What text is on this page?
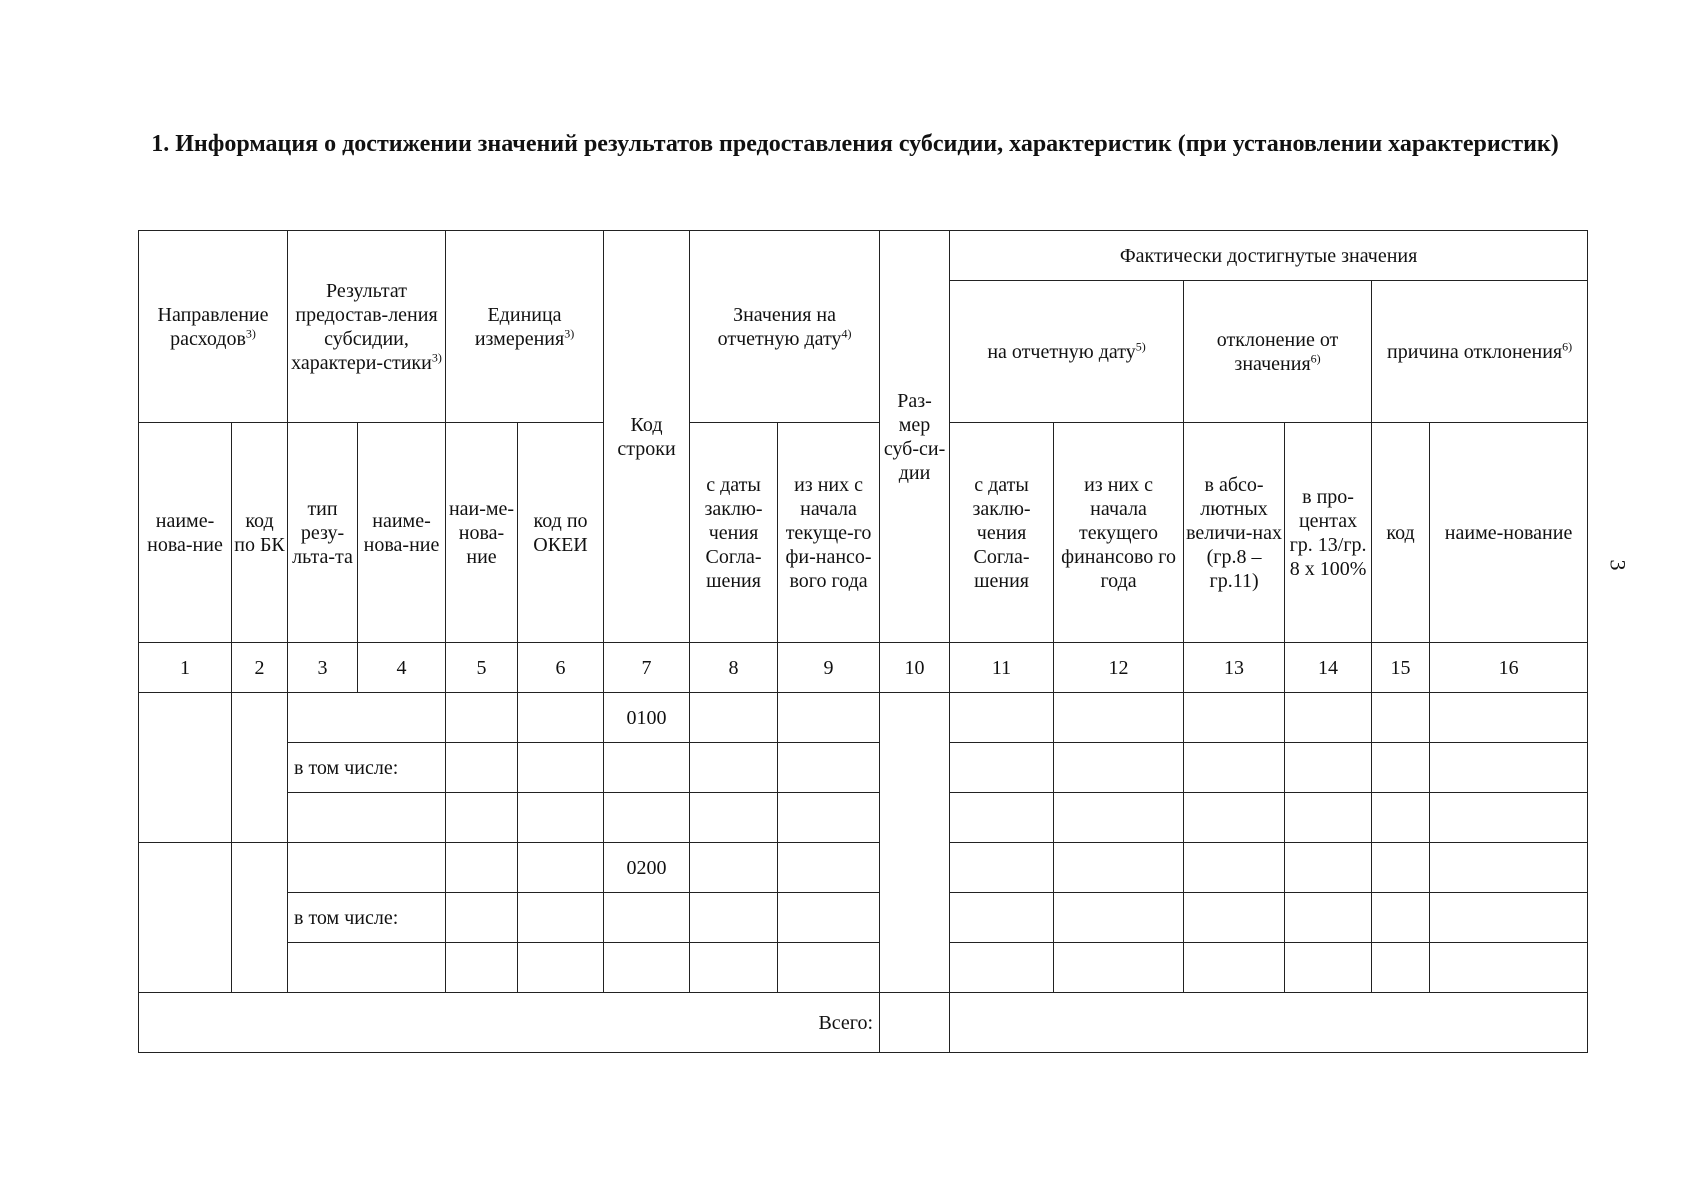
1. Информация о достижении значений результатов предоставления субсидии, характеристик (при установлении характеристик)
3
Направление расходов$^{3)}$		Результат предостав-ления субсидии, характери-стики$^{3)}$		Единица измерения$^{3)}$		Код строки	Значения на отчетную дату$^{4)}$		Раз-мер суб-си-дии	Фактически достигнутые значения					
										на отчетную дату$^{5)}$		отклонение от значения$^{6)}$		причина отклонения$^{6)}$

наиме-нова-ние	код по БК	тип резу-льта-та	наиме-нова-ние	наи-ме-нова-ние	код по ОКЕИ		с даты заклю-чения Согла-шения	из них с начала текуще-го фи-нансо-вого года		с даты заклю-чения Согла-шения	из них с начала текущего финансово го года	в абсо-лютных величи-нах (гр.8 – гр.11)	в про-центах гр. 13/гр. 8 х 100%	код	наиме-нование
1	2	3	4	5	6	7	8	9	10	11	12	13	14	15	16
						0100									
		в том числе:													

						0200									
		в том числе:													

Всего:															
